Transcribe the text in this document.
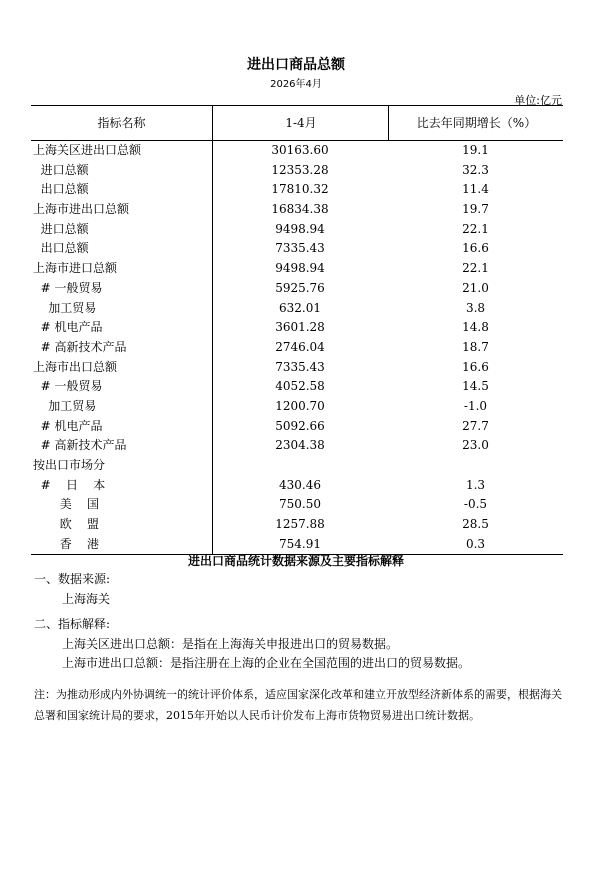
进出口商品总额
2026年4月
单位:亿元
指标名称	1-4月	比去年同期增长（%）
上海关区进出口总额	30163.60	19.1
进口总额	12353.28	32.3
出口总额	17810.32	11.4
上海市进出口总额	16834.38	19.7
进口总额	9498.94	22.1
出口总额	7335.43	16.6
上海市进口总额	9498.94	22.1
# 一般贸易	5925.76	21.0
加工贸易	632.01	3.8
# 机电产品	3601.28	14.8
# 高新技术产品	2746.04	18.7
上海市出口总额	7335.43	16.6
# 一般贸易	4052.58	14.5
加工贸易	1200.70	-1.0
# 机电产品	5092.66	27.7
# 高新技术产品	2304.38	23.0
按出口市场分
#    日    本	430.46	1.3
美    国	750.50	-0.5
欧    盟	1257.88	28.5
香    港	754.91	0.3
进出口商品统计数据来源及主要指标解释
一、数据来源:
上海海关
二、指标解释:
上海关区进出口总额：是指在上海海关申报进出口的贸易数据。
上海市进出口总额：是指注册在上海的企业在全国范围的进出口的贸易数据。
注：为推动形成内外协调统一的统计评价体系，适应国家深化改革和建立开放型经济新体系的需要，根据海关总署和国家统计局的要求，2015年开始以人民币计价发布上海市货物贸易进出口统计数据。
